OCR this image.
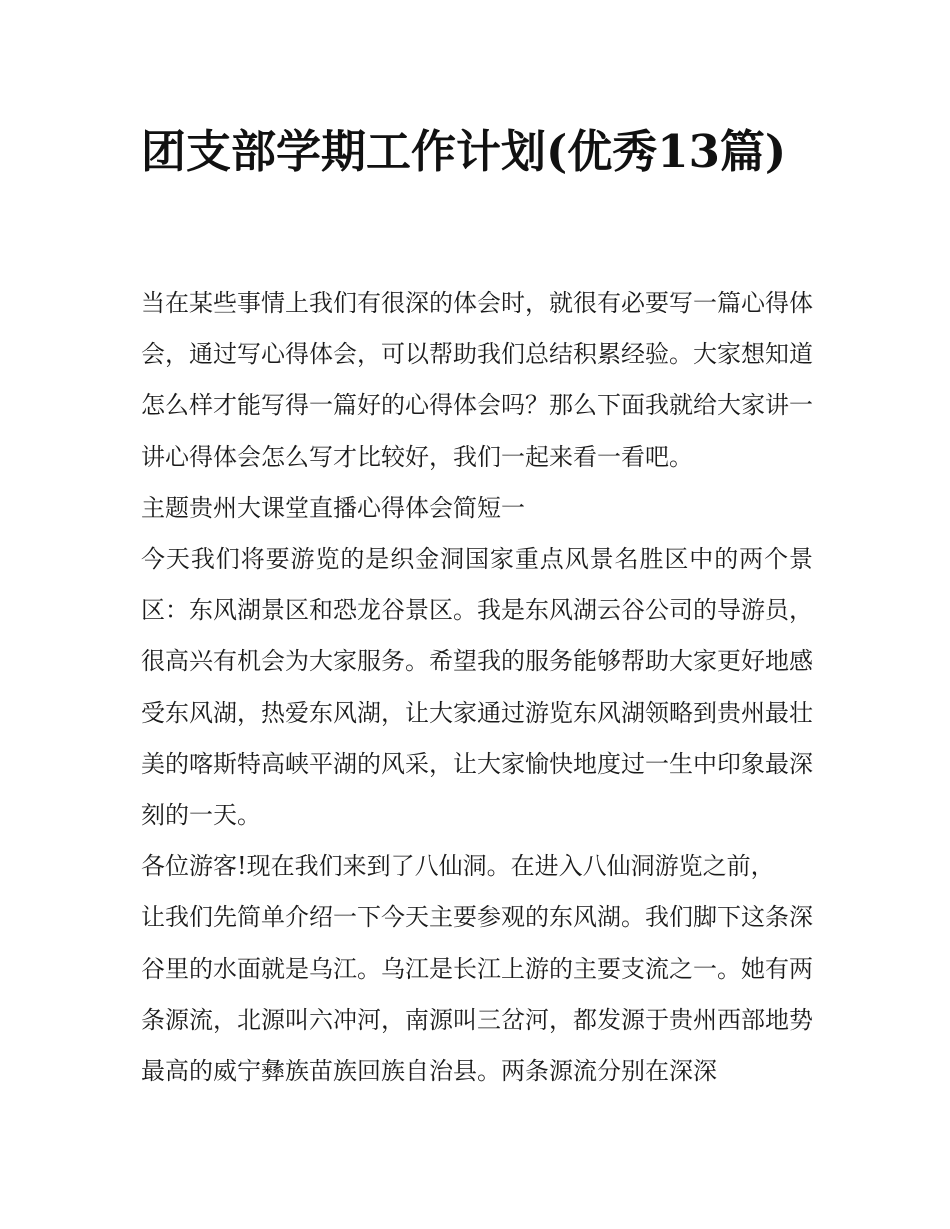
团支部学期工作计划(优秀13篇)

当在某些事情上我们有很深的体会时，就很有必要写一篇心得体会，通过写心得体会，可以帮助我们总结积累经验。大家想知道怎么样才能写得一篇好的心得体会吗？那么下面我就给大家讲一讲心得体会怎么写才比较好，我们一起来看一看吧。

主题贵州大课堂直播心得体会简短一

今天我们将要游览的是织金洞国家重点风景名胜区中的两个景区：东风湖景区和恐龙谷景区。我是东风湖云谷公司的导游员，很高兴有机会为大家服务。希望我的服务能够帮助大家更好地感受东风湖，热爱东风湖，让大家通过游览东风湖领略到贵州最壮美的喀斯特高峡平湖的风采，让大家愉快地度过一生中印象最深刻的一天。

各位游客!现在我们来到了八仙洞。在进入八仙洞游览之前，

让我们先简单介绍一下今天主要参观的东风湖。我们脚下这条深谷里的水面就是乌江。乌江是长江上游的主要支流之一。她有两条源流，北源叫六冲河，南源叫三岔河，都发源于贵州西部地势最高的威宁彝族苗族回族自治县。两条源流分别在深深
